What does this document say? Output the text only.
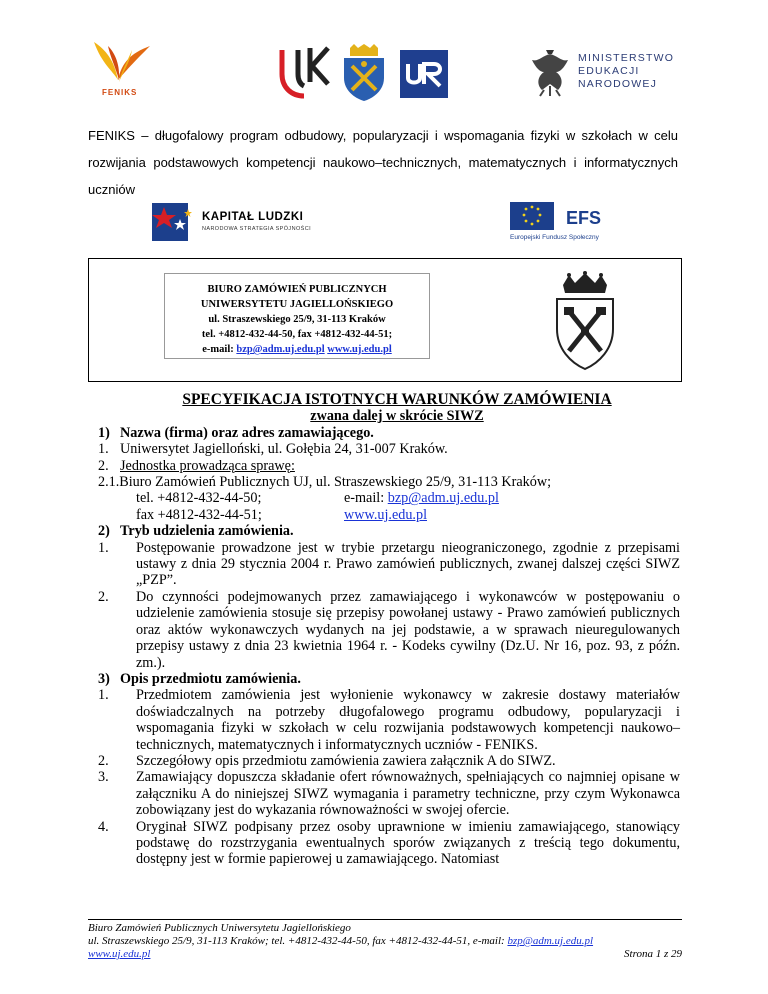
FENIKS
MINISTERSTWO
EDUKACJI
NARODOWEJ
FENIKS – długofalowy program odbudowy, popularyzacji i wspomagania fizyki w szkołach w celu rozwijania podstawowych kompetencji naukowo–technicznych, matematycznych i informatycznych uczniów
KAPITAŁ LUDZKI
NARODOWA STRATEGIA SPÓJNOŚCI
EFS
Europejski Fundusz Społeczny
BIURO ZAMÓWIEŃ PUBLICZNYCH
UNIWERSYTETU JAGIELLOŃSKIEGO
ul. Straszewskiego 25/9, 31-113 Kraków
tel. +4812-432-44-50, fax +4812-432-44-51;
e-mail: bzp@adm.uj.edu.pl www.uj.edu.pl
SPECYFIKACJA ISTOTNYCH WARUNKÓW ZAMÓWIENIA
zwana dalej w skrócie SIWZ
1) Nazwa (firma) oraz adres zamawiającego.
1. Uniwersytet Jagielloński, ul. Gołębia 24, 31-007 Kraków.
2. Jednostka prowadząca sprawę:
2.1.Biuro Zamówień Publicznych UJ, ul. Straszewskiego 25/9, 31-113 Kraków;
tel. +4812-432-44-50;	e-mail: bzp@adm.uj.edu.pl
fax +4812-432-44-51;	www.uj.edu.pl
2) Tryb udzielenia zamówienia.
1. Postępowanie prowadzone jest w trybie przetargu nieograniczonego, zgodnie z przepisami ustawy z dnia 29 stycznia 2004 r. Prawo zamówień publicznych, zwanej dalszej części SIWZ „PZP”.
2. Do czynności podejmowanych przez zamawiającego i wykonawców w postępowaniu o udzielenie zamówienia stosuje się przepisy powołanej ustawy - Prawo zamówień publicznych oraz aktów wykonawczych wydanych na jej podstawie, a w sprawach nieuregulowanych przepisy ustawy z dnia 23 kwietnia 1964 r. - Kodeks cywilny (Dz.U. Nr 16, poz. 93, z późn. zm.).
3) Opis przedmiotu zamówienia.
1. Przedmiotem zamówienia jest wyłonienie wykonawcy w zakresie dostawy materiałów doświadczalnych na potrzeby długofalowego programu odbudowy, popularyzacji i wspomagania fizyki w szkołach w celu rozwijania podstawowych kompetencji naukowo–technicznych, matematycznych i informatycznych uczniów - FENIKS.
2. Szczegółowy opis przedmiotu zamówienia zawiera załącznik A do SIWZ.
3. Zamawiający dopuszcza składanie ofert równoważnych, spełniających co najmniej opisane w załączniku A do niniejszej SIWZ wymagania i parametry techniczne, przy czym Wykonawca zobowiązany jest do wykazania równoważności w swojej ofercie.
4. Oryginał SIWZ podpisany przez osoby uprawnione w imieniu zamawiającego, stanowiący podstawę do rozstrzygania ewentualnych sporów związanych z treścią tego dokumentu, dostępny jest w formie papierowej u zamawiającego. Natomiast
Biuro Zamówień Publicznych Uniwersytetu Jagiellońskiego
ul. Straszewskiego 25/9, 31-113 Kraków; tel. +4812-432-44-50, fax +4812-432-44-51, e-mail: bzp@adm.uj.edu.pl
www.uj.edu.pl	Strona 1 z 29
